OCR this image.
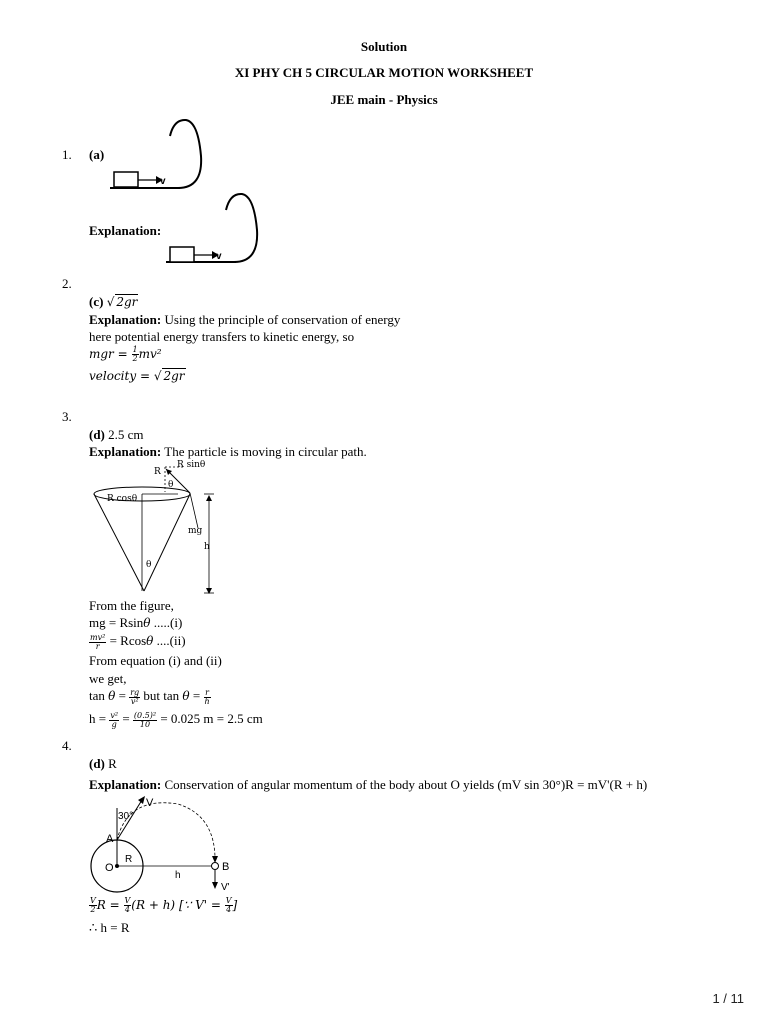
Solution
XI PHY CH 5 CIRCULAR MOTION WORKSHEET
JEE main - Physics
1. (a)
v
Explanation:
v
2.
(c) √ 2gr
Explanation: Using the principle of conservation of energy
here potential energy transfers to kinetic energy, so
mgr = $\frac{1}{2} mv^2$
velocity = √ 2gr
3.
(d) 2.5 cm
Explanation: The particle is moving in circular path.
R
R sinθ
θ
R cosθ
mg
h
θ
From the figure,
mg = Rsinθ .....(i)
$\frac{\text{mv²}}{r} = Rcos\theta$ ....(ii)
From equation (i) and (ii)
we get,
$\tan \theta = \frac{rg}{\text{v²}}$ but $\tan \theta = \frac{r}{h}$
$h = \frac{\text{v²}}{g} = \frac{\text{(0.5)²}}{10} = 0.025$ m = 2.5 cm
4.
(d) R
Explanation: Conservation of angular momentum of the body about O yields (mV sin 30°)R = mV'(R + h)
V
30°
A
O
R
h
B
V'
$\frac{V}{2}$ $R = \frac{V}{4} (R + h)$ [∵ $V' = \frac{V}{4}$ ]
∴ h = R
1 / 11
